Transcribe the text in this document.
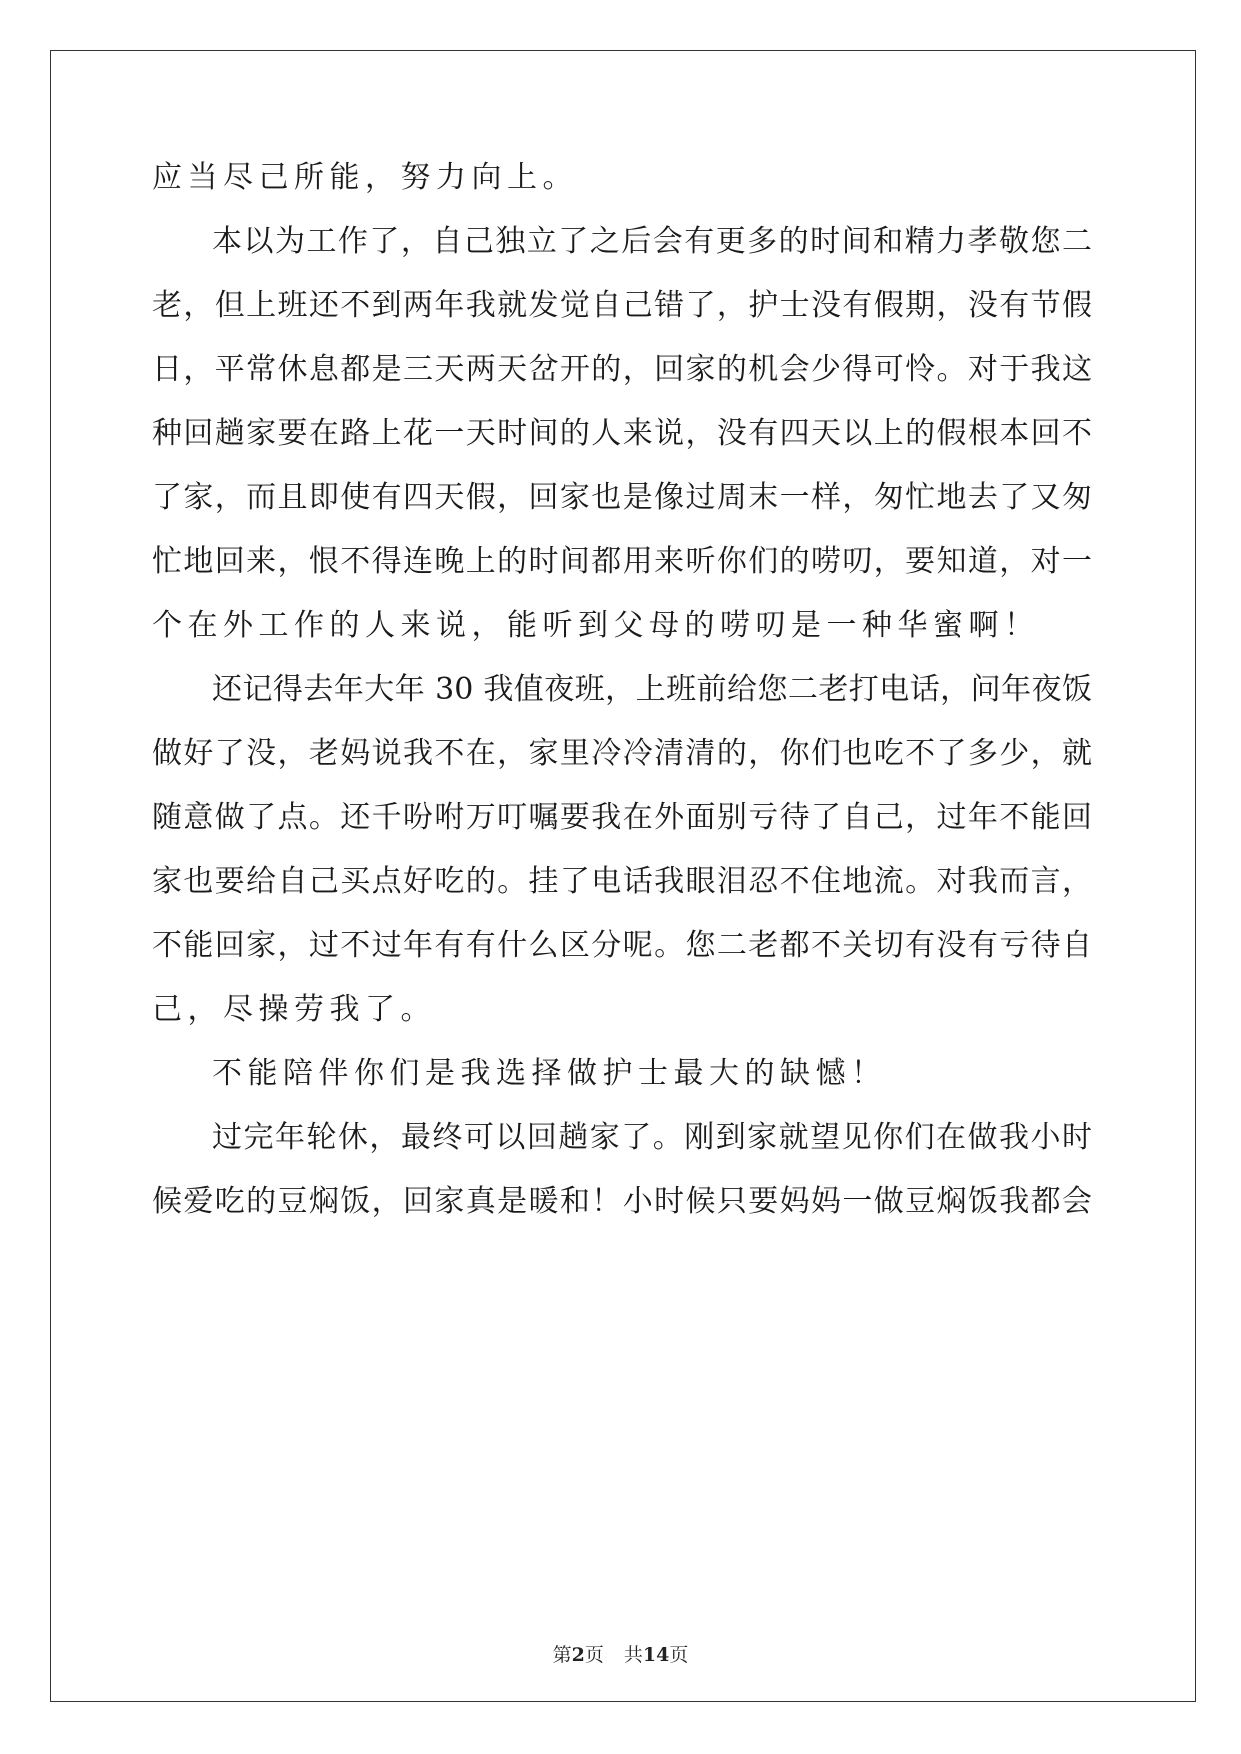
应当尽己所能，努力向上。
本以为工作了，自己独立了之后会有更多的时间和精力孝敬您二
老，但上班还不到两年我就发觉自己错了，护士没有假期，没有节假
日，平常休息都是三天两天岔开的，回家的机会少得可怜。对于我这
种回趟家要在路上花一天时间的人来说，没有四天以上的假根本回不
了家，而且即使有四天假，回家也是像过周末一样，匆忙地去了又匆
忙地回来，恨不得连晚上的时间都用来听你们的唠叨，要知道，对一
个在外工作的人来说，能听到父母的唠叨是一种华蜜啊！
还记得去年大年 30 我值夜班，上班前给您二老打电话，问年夜饭
做好了没，老妈说我不在，家里冷冷清清的，你们也吃不了多少，就
随意做了点。还千吩咐万叮嘱要我在外面别亏待了自己，过年不能回
家也要给自己买点好吃的。挂了电话我眼泪忍不住地流。对我而言，
不能回家，过不过年有有什么区分呢。您二老都不关切有没有亏待自
己，尽操劳我了。
不能陪伴你们是我选择做护士最大的缺憾！
过完年轮休，最终可以回趟家了。刚到家就望见你们在做我小时
候爱吃的豆焖饭，回家真是暖和！小时候只要妈妈一做豆焖饭我都会
第2页 共14页
